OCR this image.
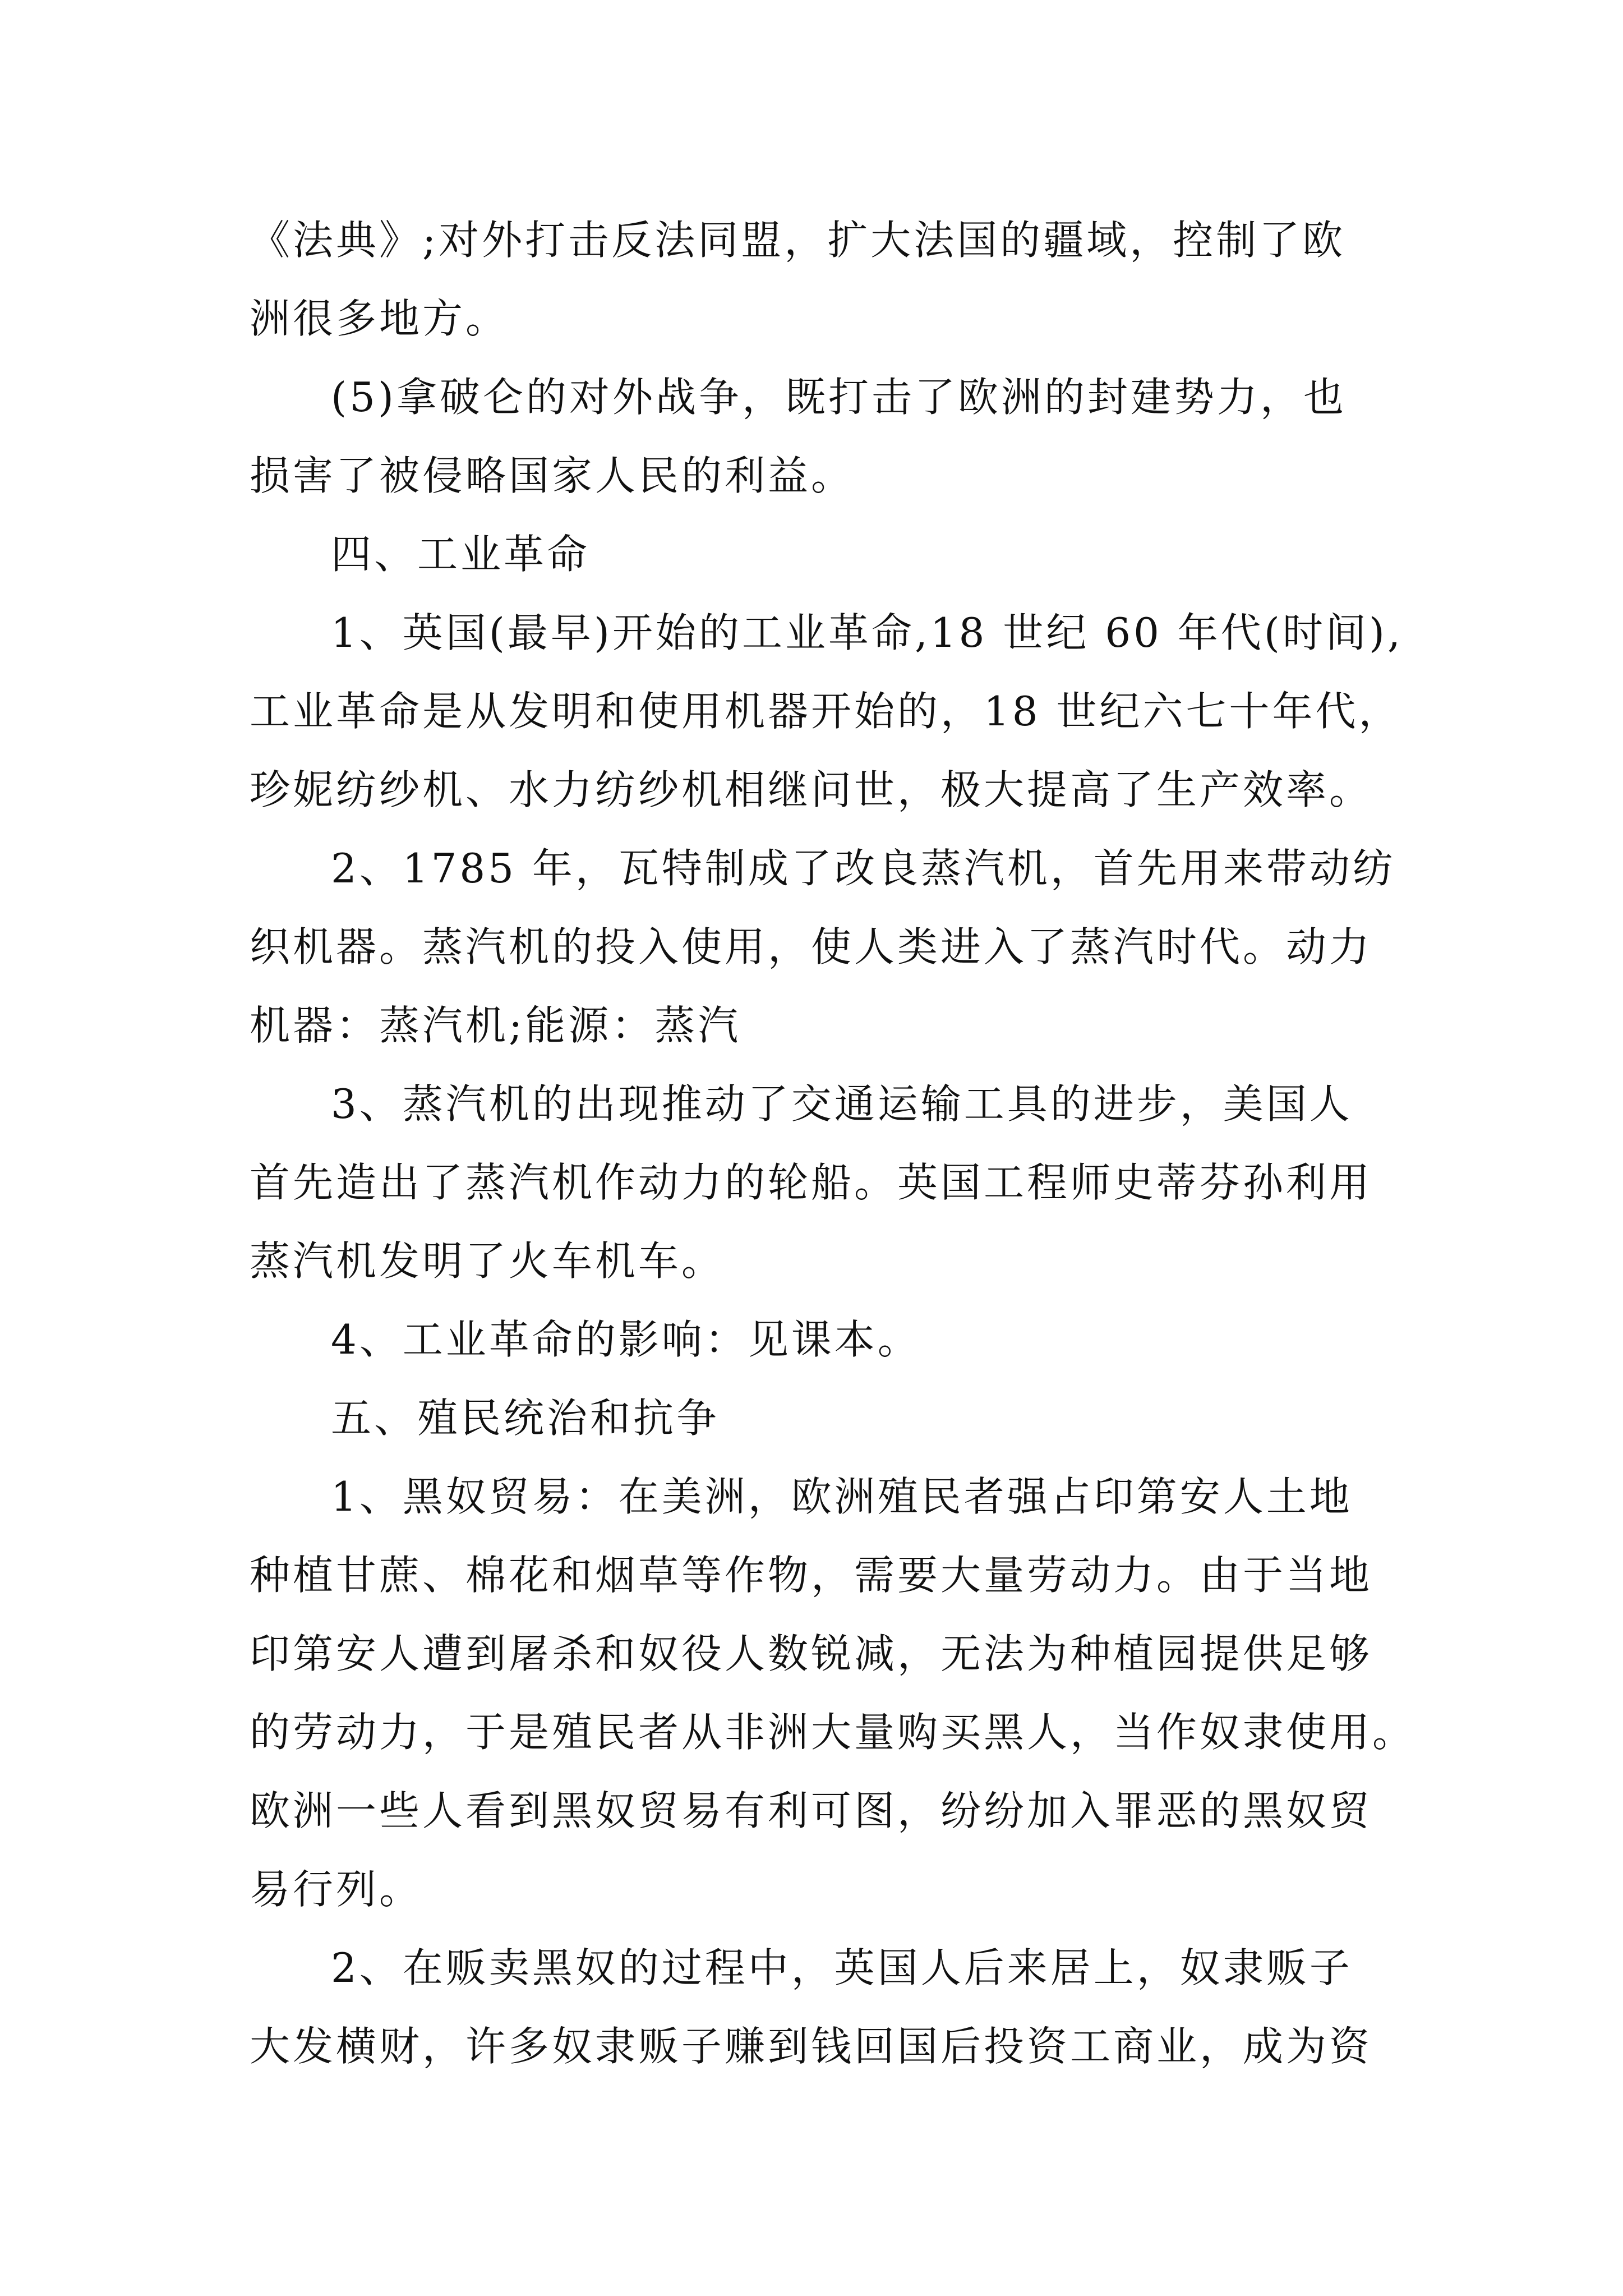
《法典》;对外打击反法同盟，扩大法国的疆域，控制了欧
洲很多地方。
(5)拿破仑的对外战争，既打击了欧洲的封建势力，也
损害了被侵略国家人民的利益。
四、工业革命
1、英国(最早)开始的工业革命,18 世纪 60 年代(时间),
工业革命是从发明和使用机器开始的，18 世纪六七十年代，
珍妮纺纱机、水力纺纱机相继问世，极大提高了生产效率。
2、1785 年，瓦特制成了改良蒸汽机，首先用来带动纺
织机器。蒸汽机的投入使用，使人类进入了蒸汽时代。动力
机器：蒸汽机;能源：蒸汽
3、蒸汽机的出现推动了交通运输工具的进步，美国人
首先造出了蒸汽机作动力的轮船。英国工程师史蒂芬孙利用
蒸汽机发明了火车机车。
4、工业革命的影响：见课本。
五、殖民统治和抗争
1、黑奴贸易：在美洲，欧洲殖民者强占印第安人土地
种植甘蔗、棉花和烟草等作物，需要大量劳动力。由于当地
印第安人遭到屠杀和奴役人数锐减，无法为种植园提供足够
的劳动力，于是殖民者从非洲大量购买黑人，当作奴隶使用。
欧洲一些人看到黑奴贸易有利可图，纷纷加入罪恶的黑奴贸
易行列。
2、在贩卖黑奴的过程中，英国人后来居上，奴隶贩子
大发横财，许多奴隶贩子赚到钱回国后投资工商业，成为资
